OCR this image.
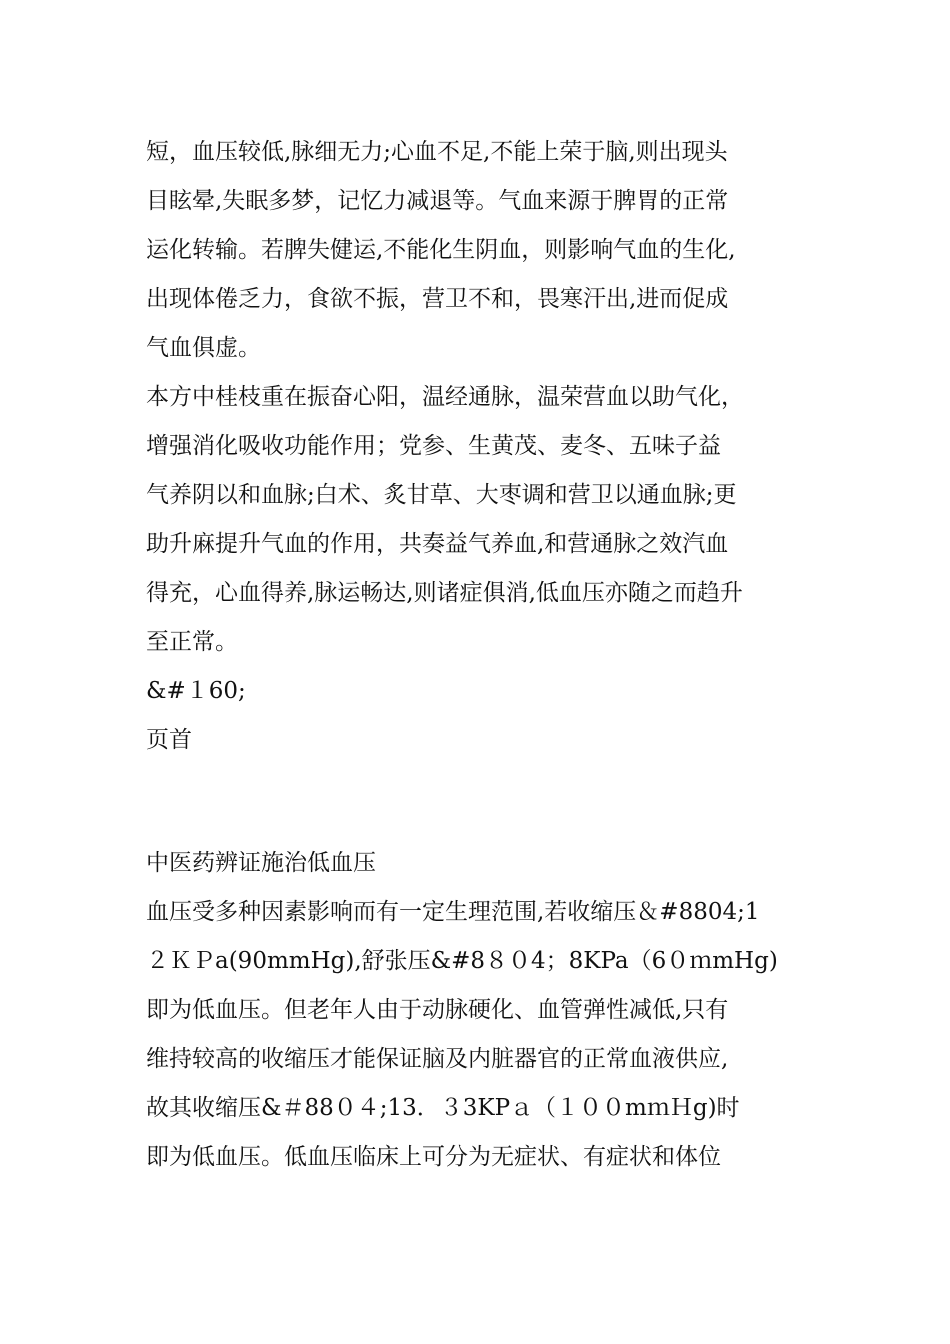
短，血压较低,脉细无力;心血不足,不能上荣于脑,则出现头

目眩晕,失眠多梦，记忆力减退等。气血来源于脾胃的正常

运化转输。若脾失健运,不能化生阴血，则影响气血的生化,

出现体倦乏力，食欲不振，营卫不和，畏寒汗出,进而促成

气血俱虚。

本方中桂枝重在振奋心阳，温经通脉，温荣营血以助气化，

增强消化吸收功能作用；党参、生黄茂、麦冬、五味子益

气养阴以和血脉;白术、炙甘草、大枣调和营卫以通血脉;更

助升麻提升气血的作用，共奏益气养血,和营通脉之效汽血

得充，心血得养,脉运畅达,则诸症俱消,低血压亦随之而趋升

至正常。

&#１60;

页首

中医药辨证施治低血压

血压受多种因素影响而有一定生理范围,若收缩压＆#8804;1

２ＫＰa(90mmHg),舒张压&#8８０4；8KPa（6０ｍmHg)

即为低血压。但老年人由于动脉硬化、血管弹性减低,只有

维持较高的收缩压才能保证脑及内脏器官的正常血液供应,

故其收缩压&＃88０４;13．３3KPａ（１００mｍＨg)时

即为低血压。低血压临床上可分为无症状、有症状和体位
